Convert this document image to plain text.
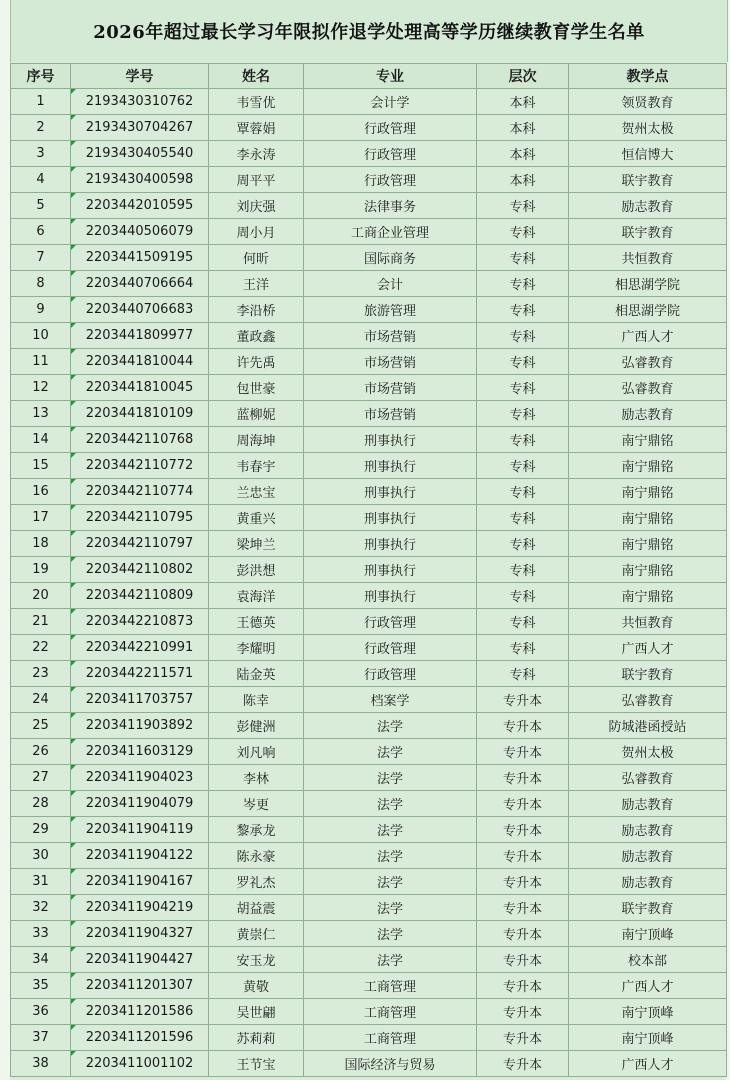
2026年超过最长学习年限拟作退学处理高等学历继续教育学生名单
序号	学号	姓名	专业	层次	教学点
1	2193430310762	韦雪优	会计学	本科	领贤教育
2	2193430704267	覃蓉娟	行政管理	本科	贺州太极
3	2193430405540	李永涛	行政管理	本科	恒信博大
4	2193430400598	周平平	行政管理	本科	联宇教育
5	2203442010595	刘庆强	法律事务	专科	励志教育
6	2203440506079	周小月	工商企业管理	专科	联宇教育
7	2203441509195	何昕	国际商务	专科	共恒教育
8	2203440706664	王洋	会计	专科	相思湖学院
9	2203440706683	李沿桥	旅游管理	专科	相思湖学院
10	2203441809977	董政鑫	市场营销	专科	广西人才
11	2203441810044	许先禹	市场营销	专科	弘睿教育
12	2203441810045	包世豪	市场营销	专科	弘睿教育
13	2203441810109	蓝柳妮	市场营销	专科	励志教育
14	2203442110768	周海坤	刑事执行	专科	南宁鼎铭
15	2203442110772	韦春宇	刑事执行	专科	南宁鼎铭
16	2203442110774	兰忠宝	刑事执行	专科	南宁鼎铭
17	2203442110795	黄重兴	刑事执行	专科	南宁鼎铭
18	2203442110797	梁坤兰	刑事执行	专科	南宁鼎铭
19	2203442110802	彭洪想	刑事执行	专科	南宁鼎铭
20	2203442110809	袁海洋	刑事执行	专科	南宁鼎铭
21	2203442210873	王德英	行政管理	专科	共恒教育
22	2203442210991	李耀明	行政管理	专科	广西人才
23	2203442211571	陆金英	行政管理	专科	联宇教育
24	2203411703757	陈幸	档案学	专升本	弘睿教育
25	2203411903892	彭健洲	法学	专升本	防城港函授站
26	2203411603129	刘凡响	法学	专升本	贺州太极
27	2203411904023	李林	法学	专升本	弘睿教育
28	2203411904079	岑更	法学	专升本	励志教育
29	2203411904119	黎承龙	法学	专升本	励志教育
30	2203411904122	陈永豪	法学	专升本	励志教育
31	2203411904167	罗礼杰	法学	专升本	励志教育
32	2203411904219	胡益震	法学	专升本	联宇教育
33	2203411904327	黄崇仁	法学	专升本	南宁顶峰
34	2203411904427	安玉龙	法学	专升本	校本部
35	2203411201307	黄敬	工商管理	专升本	广西人才
36	2203411201586	吴世翩	工商管理	专升本	南宁顶峰
37	2203411201596	苏莉莉	工商管理	专升本	南宁顶峰
38	2203411001102	王节宝	国际经济与贸易	专升本	广西人才
